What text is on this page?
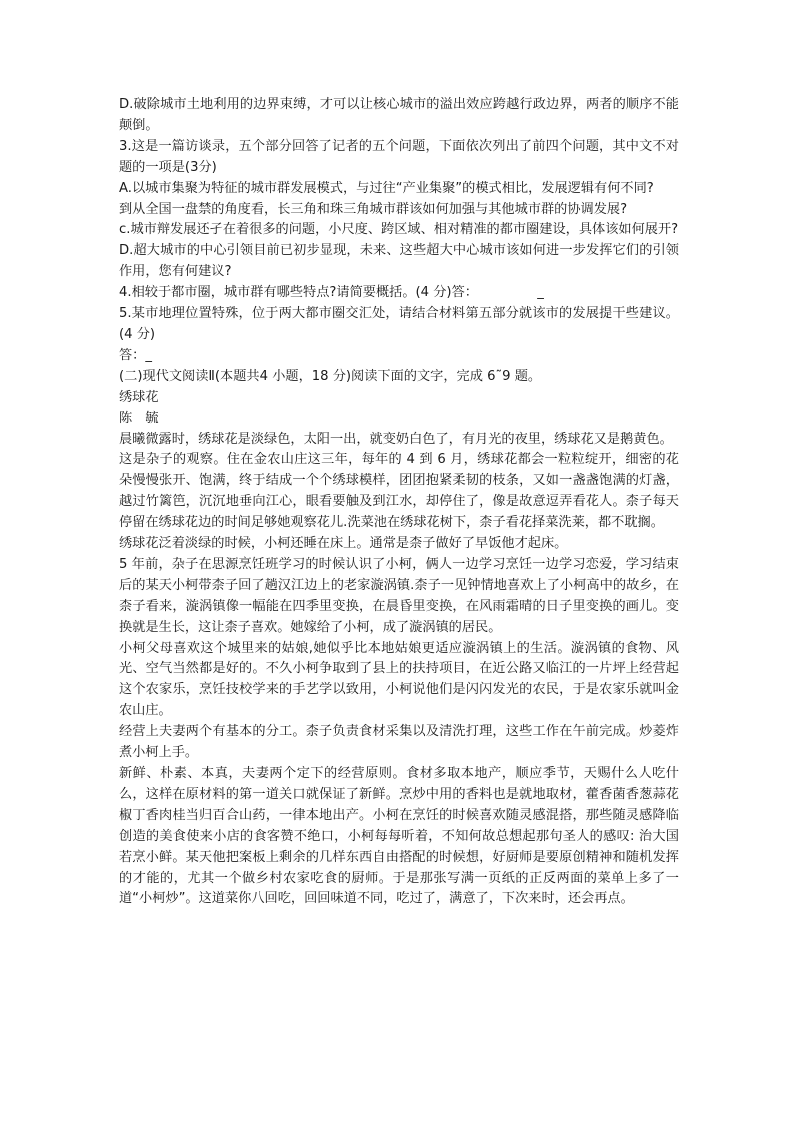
D.破除城市土地利用的边界束缚，才可以让核心城市的溢出效应跨越行政边界，两者的顺序不能颠倒。

3.这是一篇访谈录，五个部分回答了记者的五个问题，下面依次列出了前四个问题，其中文不对题的一项是(3分)

A.以城市集聚为特征的城市群发展模式，与过往“产业集聚”的模式相比，发展逻辑有何不同?

到从全国一盘禁的角度看，长三角和珠三角城市群该如何加强与其他城市群的协调发展?

c.城市辩发展还孑在着很多的问题，小尺度、跨区域、相对精准的都市圈建设，具体该如何展开?

D.超大城市的中心引领目前已初步显现，未来、这些超大中心城市该如何进一步发挥它们的引领作用，您有何建议?

4.相较于都市圈，城市群有哪些特点?请简要概括。(4 分)答：　　　　　_

5.某市地理位置特殊，位于两大都市圈交汇处，请结合材料第五部分就该市的发展提干些建议。(4 分)

答：_

(二)现代文阅读Ⅱ(本题共4 小题，18 分)阅读下面的文字，完成 6˜9 题。

绣球花

陈　毓

晨曦微露时，绣球花是淡绿色，太阳一出，就变奶白色了，有月光的夜里，绣球花又是鹅黄色。

这是杂子的观察。住在金农山庄这三年，每年的 4 到 6 月，绣球花都会一粒粒绽开，细密的花朵慢慢张开、饱满，终于结成一个个绣球模样，团团抱紧柔韧的枝条，又如一盏盏饱满的灯盏，越过竹篱笆，沉沉地垂向江心，眼看要触及到江水，却停住了，像是故意逗弄看花人。柰子每天停留在绣球花边的时间足够她观察花儿.洗菜池在绣球花树下，柰子看花择菜洗莱，都不耽搁。

绣球花泛着淡绿的时候，小柯还睡在床上。通常是柰子做好了早饭他才起床。

5 年前，杂子在思源烹饪班学习的时候认识了小柯，俩人一边学习烹饪一边学习恋爱，学习结束后的某天小柯带柰子回了趟汉江边上的老家漩涡镇.柰子一见钟情地喜欢上了小柯高中的故乡，在柰子看来，漩涡镇像一幅能在四季里变换，在晨昏里变换，在风雨霜晴的日子里变换的画儿。变换就是生长，这让柰子喜欢。她嫁给了小柯，成了漩涡镇的居民。

小柯父母喜欢这个城里来的姑娘,她似乎比本地姑娘更适应漩涡镇上的生活。漩涡镇的食物、风光、空气当然都是好的。不久小柯争取到了县上的扶持项目，在近公路又临江的一片坪上经营起这个农家乐，烹饪技校学来的手艺学以致用，小柯说他们是闪闪发光的农民，于是农家乐就叫金农山庄。

经营上夫妻两个有基本的分工。柰子负责食材采集以及清洗打理，这些工作在午前完成。炒菱炸煮小柯上手。

新鲜、朴素、本真，夫妻两个定下的经营原则。食材多取本地产，顺应季节，天赐什么人吃什么，这样在原材料的第一道关口就保证了新鲜。烹炒中用的香料也是就地取材，藿香菌香葱蒜花椒丁香肉桂当归百合山药，一律本地出产。小柯在烹饪的时候喜欢随灵感混搭，那些随灵感降临创造的美食使来小店的食客赞不绝口，小柯每每听着，不知何故总想起那句圣人的感叹: 治大国若烹小鲜。某天他把案板上剩余的几样东西自由搭配的时候想，好厨师是要原创精神和随机发挥的才能的，尤其一个做乡村农家吃食的厨师。于是那张写满一页纸的正反两面的菜单上多了一道“小柯炒”。这道菜你八回吃，回回味道不同，吃过了，满意了，下次来时，还会再点。
